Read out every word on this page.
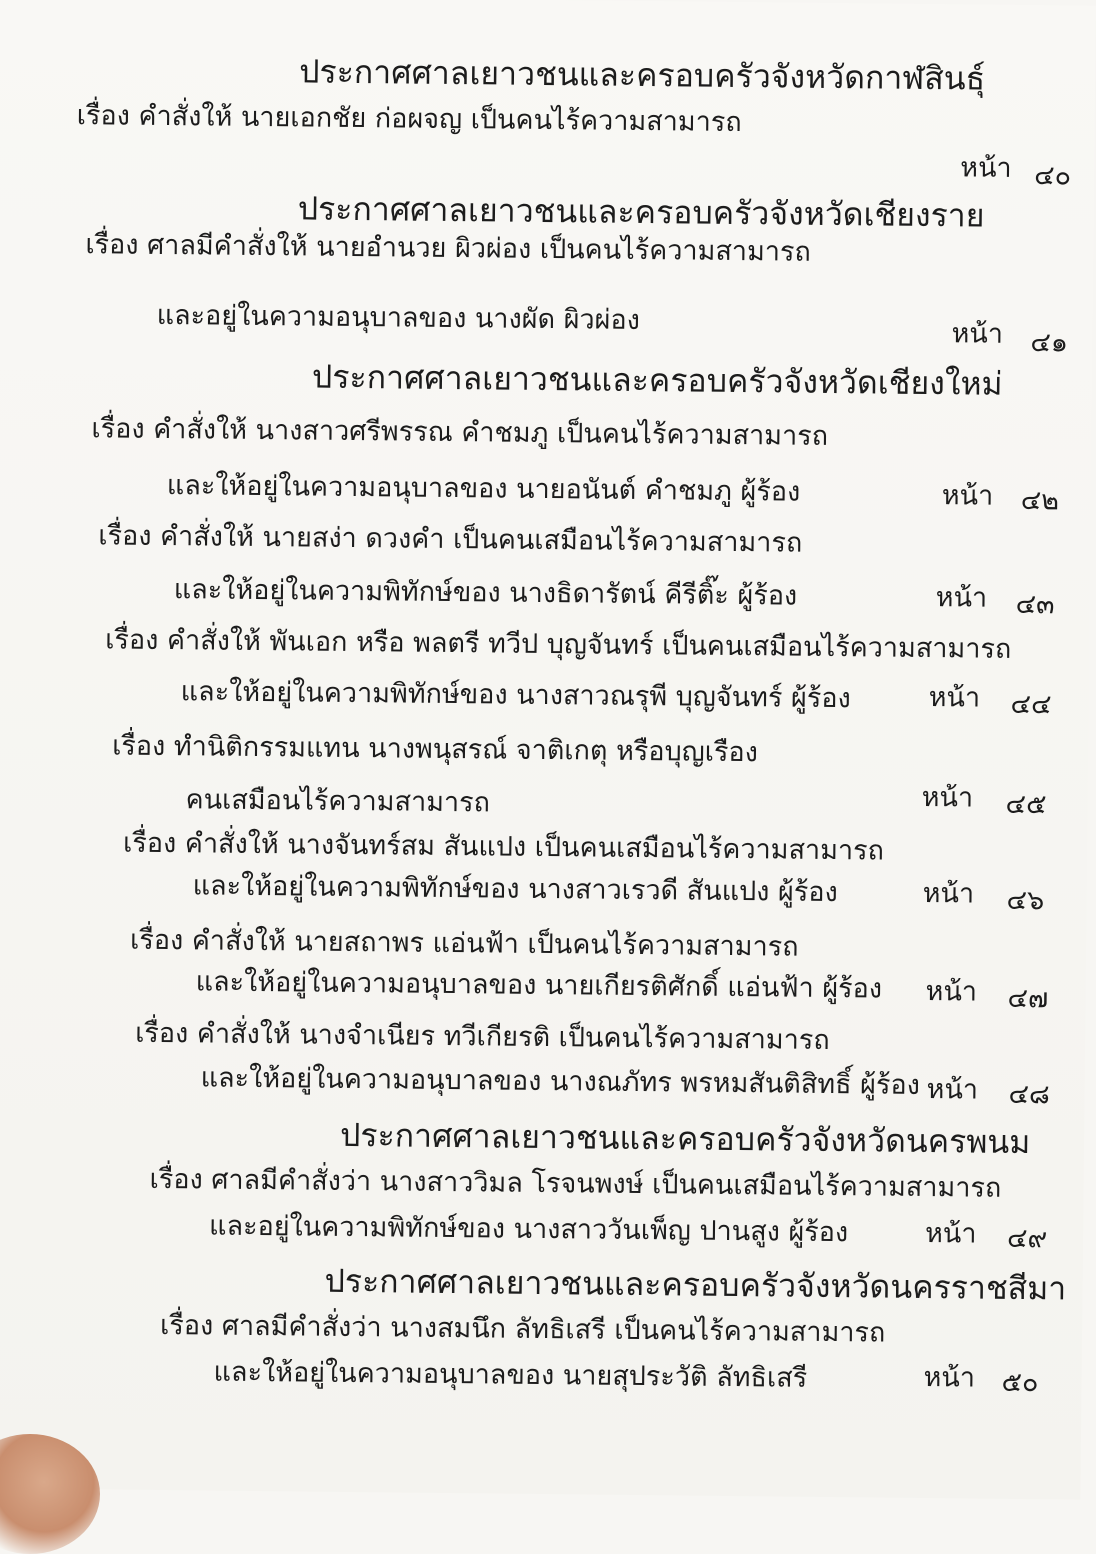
ประกาศศาลเยาวชนและครอบครัวจังหวัดกาฬสินธุ์
เรื่อง คำสั่งให้ นายเอกชัย ก่อผจญ เป็นคนไร้ความสามารถ
หน้า ๔๐
ประกาศศาลเยาวชนและครอบครัวจังหวัดเชียงราย
เรื่อง ศาลมีคำสั่งให้ นายอำนวย ผิวผ่อง เป็นคนไร้ความสามารถ
และอยู่ในความอนุบาลของ นางผัด ผิวผ่อง	หน้า ๔๑
ประกาศศาลเยาวชนและครอบครัวจังหวัดเชียงใหม่
เรื่อง คำสั่งให้ นางสาวศรีพรรณ คำชมภู เป็นคนไร้ความสามารถ
และให้อยู่ในความอนุบาลของ นายอนันต์ คำชมภู ผู้ร้อง	หน้า ๔๒
เรื่อง คำสั่งให้ นายสง่า ดวงคำ เป็นคนเสมือนไร้ความสามารถ
และให้อยู่ในความพิทักษ์ของ นางธิดารัตน์ คีรีติ๊ะ ผู้ร้อง	หน้า ๔๓
เรื่อง คำสั่งให้ พันเอก หรือ พลตรี ทวีป บุญจันทร์ เป็นคนเสมือนไร้ความสามารถ
และให้อยู่ในความพิทักษ์ของ นางสาวณรุพี บุญจันทร์ ผู้ร้อง	หน้า ๔๔
เรื่อง ทำนิติกรรมแทน นางพนุสรณ์ จาติเกตุ หรือบุญเรือง
คนเสมือนไร้ความสามารถ	หน้า ๔๕
เรื่อง คำสั่งให้ นางจันทร์สม สันแปง เป็นคนเสมือนไร้ความสามารถ
และให้อยู่ในความพิทักษ์ของ นางสาวเรวดี สันแปง ผู้ร้อง	หน้า ๔๖
เรื่อง คำสั่งให้ นายสถาพร แอ่นฟ้า เป็นคนไร้ความสามารถ
และให้อยู่ในความอนุบาลของ นายเกียรติศักดิ์ แอ่นฟ้า ผู้ร้อง หน้า ๔๗
เรื่อง คำสั่งให้ นางจำเนียร ทวีเกียรติ เป็นคนไร้ความสามารถ
และให้อยู่ในความอนุบาลของ นางณภัทร พรหมสันติสิทธิ์ ผู้ร้อง หน้า ๔๘
ประกาศศาลเยาวชนและครอบครัวจังหวัดนครพนม
เรื่อง ศาลมีคำสั่งว่า นางสาววิมล โรจนพงษ์ เป็นคนเสมือนไร้ความสามารถ
และอยู่ในความพิทักษ์ของ นางสาววันเพ็ญ ปานสูง ผู้ร้อง	หน้า ๔๙
ประกาศศาลเยาวชนและครอบครัวจังหวัดนครราชสีมา
เรื่อง ศาลมีคำสั่งว่า นางสมนึก ลัทธิเสรี เป็นคนไร้ความสามารถ
และให้อยู่ในความอนุบาลของ นายสุประวัติ ลัทธิเสรี	หน้า ๕๐
